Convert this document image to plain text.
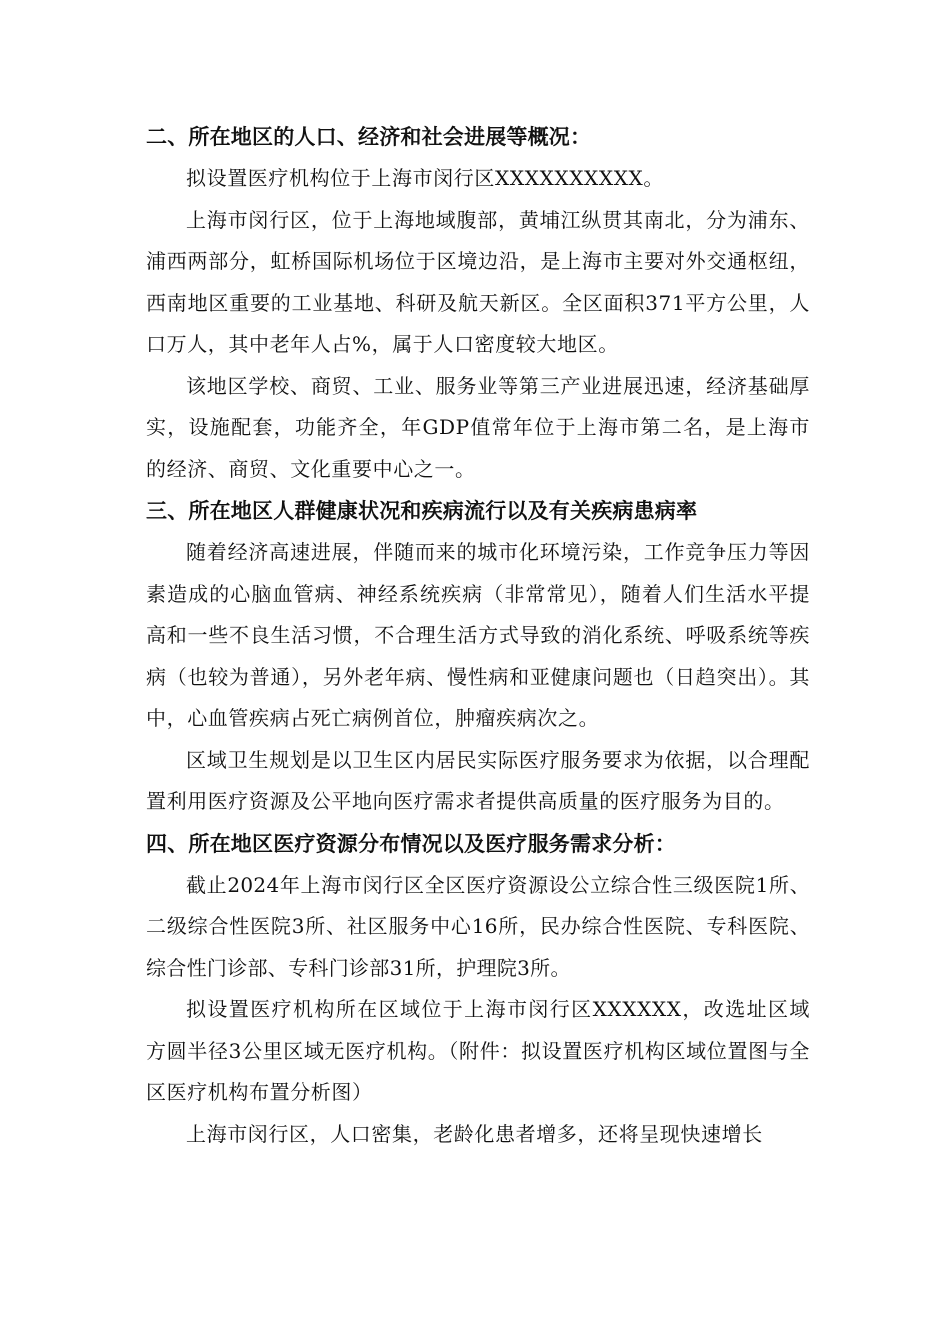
二、所在地区的人口、经济和社会进展等概况：

拟设置医疗机构位于上海市闵行区XXXXXXXXXX。

上海市闵行区，位于上海地域腹部，黄埔江纵贯其南北，分为浦东、浦西两部分，虹桥国际机场位于区境边沿，是上海市主要对外交通枢纽，西南地区重要的工业基地、科研及航天新区。全区面积371平方公里，人口万人，其中老年人占%，属于人口密度较大地区。

该地区学校、商贸、工业、服务业等第三产业进展迅速，经济基础厚实，设施配套，功能齐全，年GDP值常年位于上海市第二名，是上海市的经济、商贸、文化重要中心之一。

三、所在地区人群健康状况和疾病流行以及有关疾病患病率

随着经济高速进展，伴随而来的城市化环境污染，工作竞争压力等因素造成的心脑血管病、神经系统疾病（非常常见），随着人们生活水平提高和一些不良生活习惯，不合理生活方式导致的消化系统、呼吸系统等疾病（也较为普通），另外老年病、慢性病和亚健康问题也（日趋突出）。其中，心血管疾病占死亡病例首位，肿瘤疾病次之。

区域卫生规划是以卫生区内居民实际医疗服务要求为依据，以合理配置利用医疗资源及公平地向医疗需求者提供高质量的医疗服务为目的。

四、所在地区医疗资源分布情况以及医疗服务需求分析：

截止2024年上海市闵行区全区医疗资源设公立综合性三级医院1所、二级综合性医院3所、社区服务中心16所，民办综合性医院、专科医院、综合性门诊部、专科门诊部31所，护理院3所。

拟设置医疗机构所在区域位于上海市闵行区XXXXXX，改选址区域方圆半径3公里区域无医疗机构。（附件：拟设置医疗机构区域位置图与全区医疗机构布置分析图）

上海市闵行区，人口密集，老龄化患者增多，还将呈现快速增长
